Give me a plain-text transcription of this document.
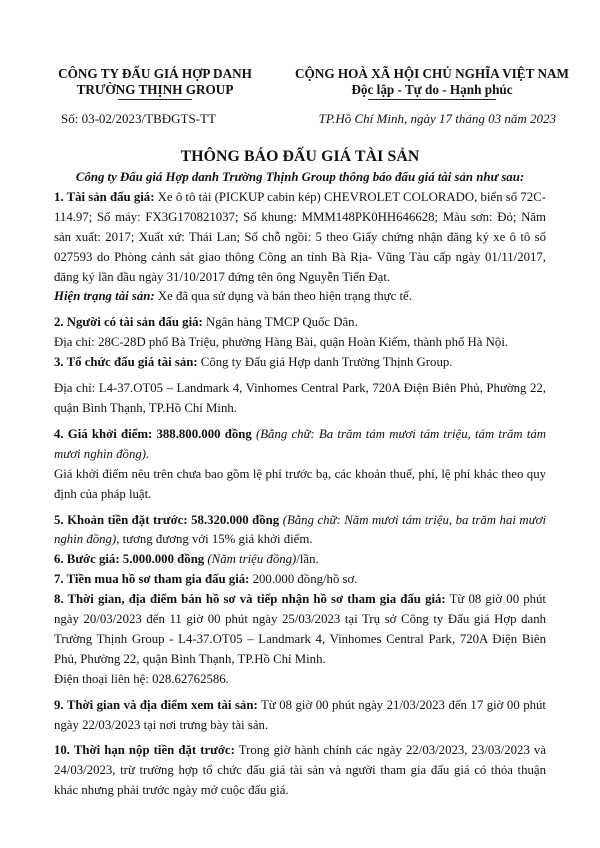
CÔNG TY ĐẤU GIÁ HỢP DANH
TRƯỜNG THỊNH GROUP
CỘNG HOÀ XÃ HỘI CHỦ NGHĨA VIỆT NAM
Độc lập - Tự do - Hạnh phúc
Số: 03-02/2023/TBĐGTS-TT	TP.Hồ Chí Minh, ngày 17 tháng 03 năm 2023
THÔNG BÁO ĐẤU GIÁ TÀI SẢN

Công ty Đấu giá Hợp danh Trường Thịnh Group thông báo đấu giá tài sản như sau:

1. Tài sản đấu giá: Xe ô tô tải (PICKUP cabin kép) CHEVROLET COLORADO, biển số 72C-114.97; Số máy: FX3G170821037; Số khung: MMM148PK0HH646628; Màu sơn: Đỏ; Năm sản xuất: 2017; Xuất xứ: Thái Lan; Số chỗ ngồi: 5 theo Giấy chứng nhận đăng ký xe ô tô số 027593 do Phòng cảnh sát giao thông Công an tỉnh Bà Rịa- Vũng Tàu cấp ngày 01/11/2017, đăng ký lần đầu ngày 31/10/2017 đứng tên ông Nguyễn Tiến Đạt.

Hiện trạng tài sản: Xe đã qua sử dụng và bán theo hiện trạng thực tế.

2. Người có tài sản đấu giá: Ngân hàng TMCP Quốc Dân.

Địa chỉ: 28C-28D phố Bà Triệu, phường Hàng Bài, quận Hoàn Kiếm, thành phố Hà Nội.

3. Tổ chức đấu giá tài sản: Công ty Đấu giá Hợp danh Trường Thịnh Group.

Địa chỉ: L4-37.OT05 – Landmark 4, Vinhomes Central Park, 720A Điện Biên Phủ, Phường 22, quận Bình Thạnh, TP.Hồ Chí Minh.

4. Giá khởi điểm: 388.800.000 đồng (Bằng chữ: Ba trăm tám mươi tám triệu, tám trăm tám mươi nghìn đồng).

Giá khởi điểm nêu trên chưa bao gồm lệ phí trước bạ, các khoản thuế, phí, lệ phí khác theo quy định của pháp luật.

5. Khoản tiền đặt trước: 58.320.000 đồng (Bằng chữ: Năm mươi tám triệu, ba trăm hai mươi nghìn đồng), tương đương với 15% giá khởi điểm.

6. Bước giá: 5.000.000 đồng (Năm triệu đồng)/lần.

7. Tiền mua hồ sơ tham gia đấu giá: 200.000 đồng/hồ sơ.

8. Thời gian, địa điểm bán hồ sơ và tiếp nhận hồ sơ tham gia đấu giá: Từ 08 giờ 00 phút ngày 20/03/2023 đến 11 giờ 00 phút ngày 25/03/2023 tại Trụ sở Công ty Đấu giá Hợp danh Trường Thịnh Group - L4-37.OT05 – Landmark 4, Vinhomes Central Park, 720A Điện Biên Phủ, Phường 22, quận Bình Thạnh, TP.Hồ Chí Minh.

Điện thoại liên hệ: 028.62762586.

9. Thời gian và địa điểm xem tài sản: Từ 08 giờ 00 phút ngày 21/03/2023 đến 17 giờ 00 phút ngày 22/03/2023 tại nơi trưng bày tài sản.

10. Thời hạn nộp tiền đặt trước: Trong giờ hành chính các ngày 22/03/2023, 23/03/2023 và 24/03/2023, trừ trường hợp tổ chức đấu giá tài sản và người tham gia đấu giá có thỏa thuận khác nhưng phải trước ngày mở cuộc đấu giá.
